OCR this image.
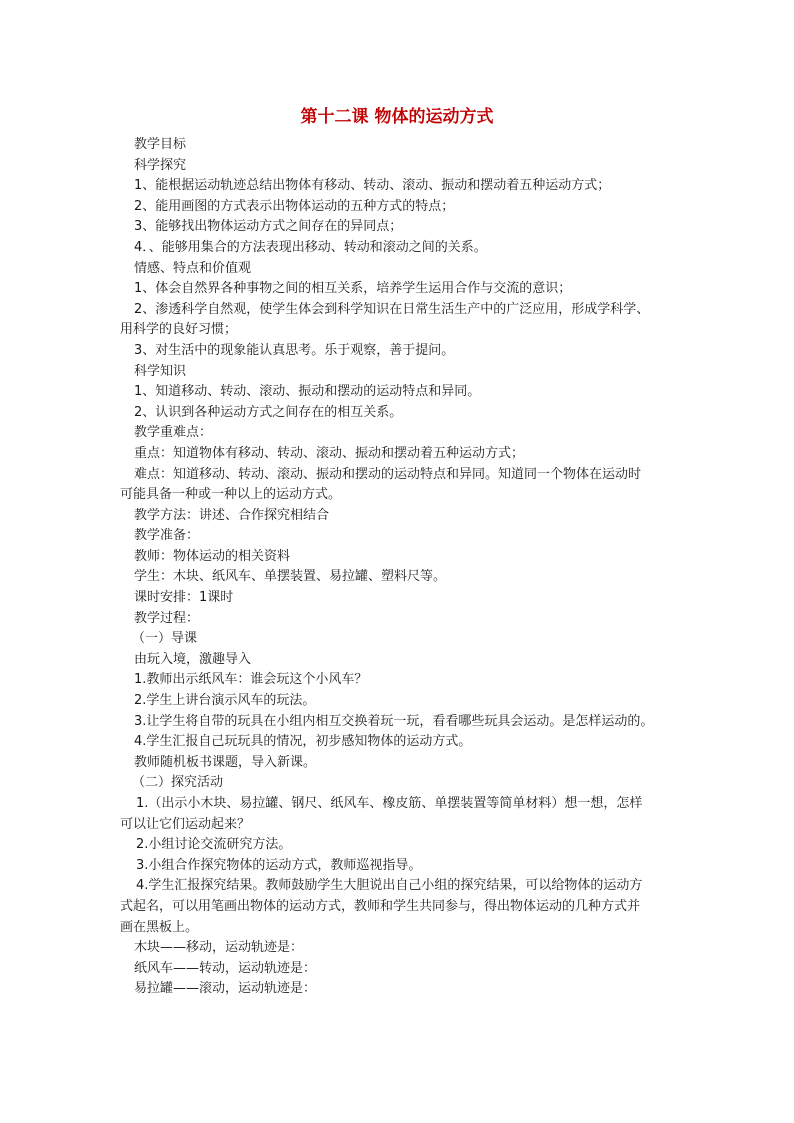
第十二课 物体的运动方式
教学目标
科学探究
1、能根据运动轨迹总结出物体有移动、转动、滚动、振动和摆动着五种运动方式；
2、能用画图的方式表示出物体运动的五种方式的特点；
3、能够找出物体运动方式之间存在的异同点；
4．、能够用集合的方法表现出移动、转动和滚动之间的关系。
情感、特点和价值观
1、体会自然界各种事物之间的相互关系，培养学生运用合作与交流的意识；
2、渗透科学自然观，使学生体会到科学知识在日常生活生产中的广泛应用，形成学科学、
用科学的良好习惯；
3、对生活中的现象能认真思考。乐于观察，善于提问。
科学知识
1、知道移动、转动、滚动、振动和摆动的运动特点和异同。
2、认识到各种运动方式之间存在的相互关系。
教学重难点：
重点：知道物体有移动、转动、滚动、振动和摆动着五种运动方式；
难点：知道移动、转动、滚动、振动和摆动的运动特点和异同。知道同一个物体在运动时
可能具备一种或一种以上的运动方式。
教学方法：讲述、合作探究相结合
教学准备：
教师：物体运动的相关资料
学生：木块、纸风车、单摆装置、易拉罐、塑料尺等。
课时安排：1课时
教学过程：
（一）导课
由玩入境，激趣导入
1.教师出示纸风车：谁会玩这个小风车？
2.学生上讲台演示风车的玩法。
3.让学生将自带的玩具在小组内相互交换着玩一玩，看看哪些玩具会运动。是怎样运动的。
4.学生汇报自己玩玩具的情况，初步感知物体的运动方式。
教师随机板书课题，导入新课。
（二）探究活动
1.（出示小木块、易拉罐、钢尺、纸风车、橡皮筋、单摆装置等简单材料）想一想，怎样
可以让它们运动起来？
2.小组讨论交流研究方法。
3.小组合作探究物体的运动方式，教师巡视指导。
4.学生汇报探究结果。教师鼓励学生大胆说出自己小组的探究结果，可以给物体的运动方
式起名，可以用笔画出物体的运动方式，教师和学生共同参与，得出物体运动的几种方式并
画在黑板上。
木块——移动，运动轨迹是：
纸风车——转动，运动轨迹是：
易拉罐——滚动，运动轨迹是：
